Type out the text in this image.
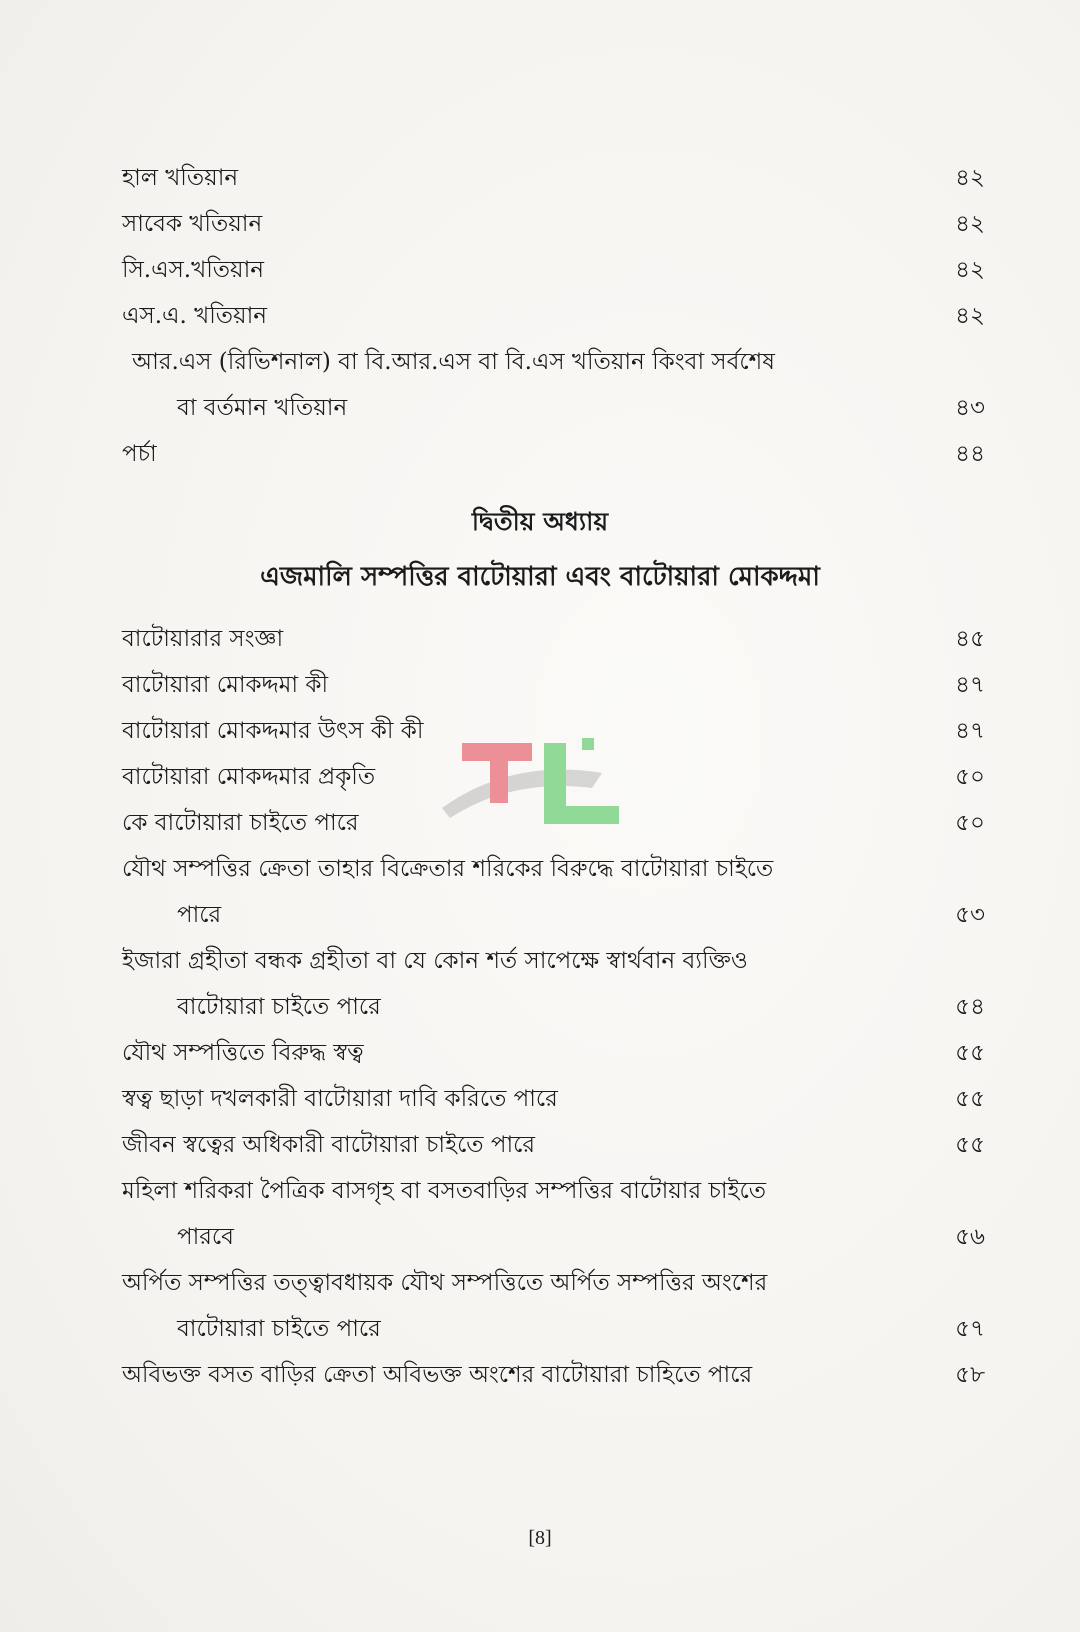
হাল খতিয়ান	৪২
সাবেক খতিয়ান	৪২
সি.এস.খতিয়ান	৪২
এস.এ. খতিয়ান	৪২
আর.এস (রিভিশনাল) বা বি.আর.এস বা বি.এস খতিয়ান কিংবা সর্বশেষ
বা বর্তমান খতিয়ান	৪৩
পর্চা	৪৪
দ্বিতীয় অধ্যায়
এজমালি সম্পত্তির বাটোয়ারা এবং বাটোয়ারা মোকদ্দমা
বাটোয়ারার সংজ্ঞা	৪৫
বাটোয়ারা মোকদ্দমা কী	৪৭
বাটোয়ারা মোকদ্দমার উৎস কী কী	৪৭
বাটোয়ারা মোকদ্দমার প্রকৃতি	৫০
কে বাটোয়ারা চাইতে পারে	৫০
যৌথ সম্পত্তির ক্রেতা তাহার বিক্রেতার শরিকের বিরুদ্ধে বাটোয়ারা চাইতে
পারে	৫৩
ইজারা গ্রহীতা বন্ধক গ্রহীতা বা যে কোন শর্ত সাপেক্ষে স্বার্থবান ব্যক্তিও
বাটোয়ারা চাইতে পারে	৫৪
যৌথ সম্পত্তিতে বিরুদ্ধ স্বত্ব	৫৫
স্বত্ব ছাড়া দখলকারী বাটোয়ারা দাবি করিতে পারে	৫৫
জীবন স্বত্বের অধিকারী বাটোয়ারা চাইতে পারে	৫৫
মহিলা শরিকরা পৈত্রিক বাসগৃহ বা বসতবাড়ির সম্পত্তির বাটোয়ার চাইতে
পারবে	৫৬
অর্পিত সম্পত্তির তত্ত্বাবধায়ক যৌথ সম্পত্তিতে অর্পিত সম্পত্তির অংশের
বাটোয়ারা চাইতে পারে	৫৭
অবিভক্ত বসত বাড়ির ক্রেতা অবিভক্ত অংশের বাটোয়ারা চাহিতে পারে	৫৮
[8]
